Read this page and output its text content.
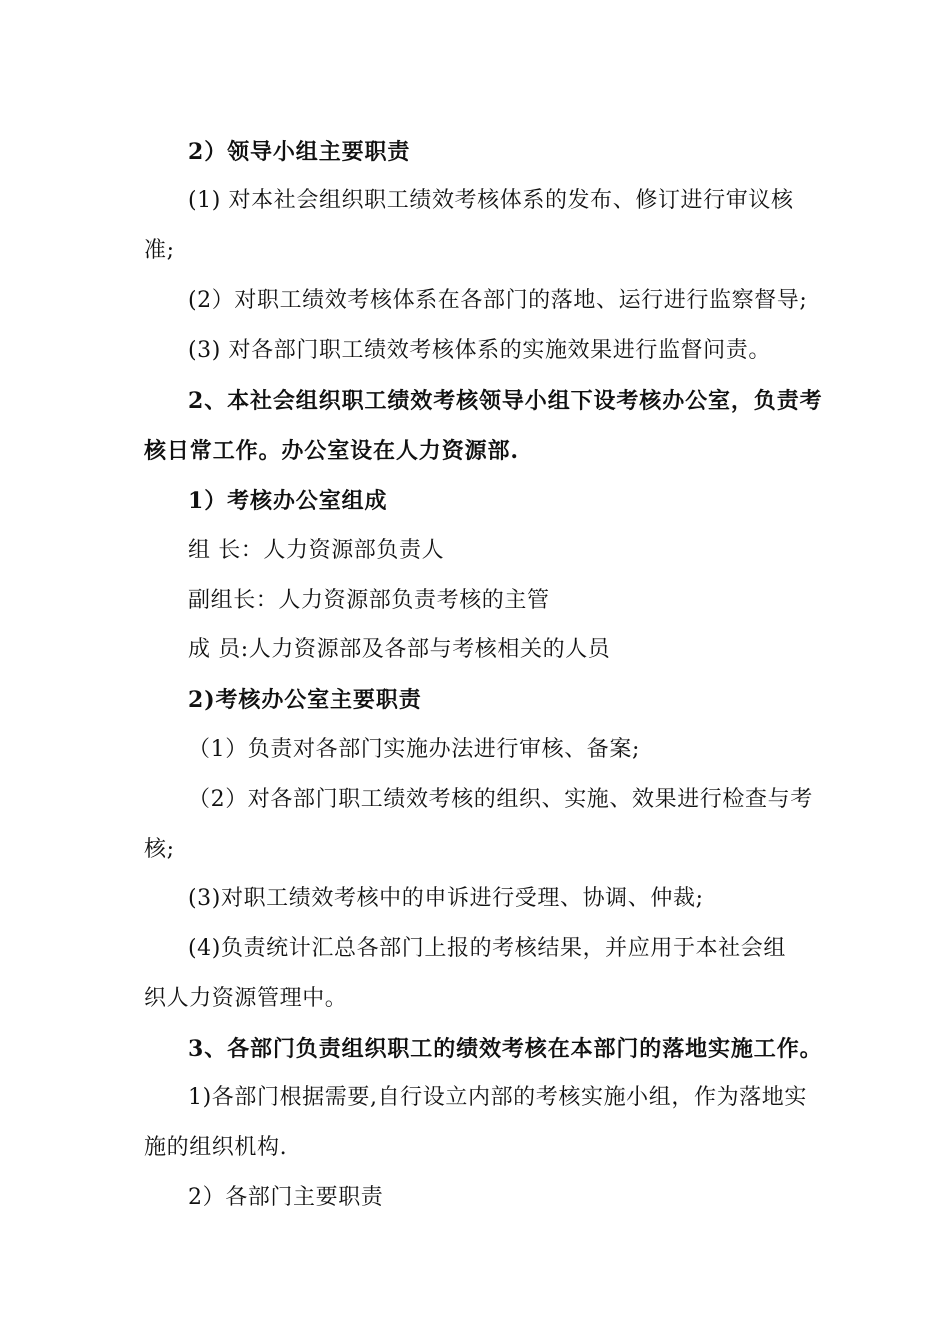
2）领导小组主要职责
(1) 对本社会组织职工绩效考核体系的发布、修订进行审议核
准;
(2）对职工绩效考核体系在各部门的落地、运行进行监察督导;
(3) 对各部门职工绩效考核体系的实施效果进行监督问责。
2、本社会组织职工绩效考核领导小组下设考核办公室，负责考
核日常工作。办公室设在人力资源部.
1）考核办公室组成
组 长：人力资源部负责人
副组长：人力资源部负责考核的主管
成 员:人力资源部及各部与考核相关的人员
2)考核办公室主要职责
（1）负责对各部门实施办法进行审核、备案;
（2）对各部门职工绩效考核的组织、实施、效果进行检查与考
核;
(3)对职工绩效考核中的申诉进行受理、协调、仲裁;
(4)负责统计汇总各部门上报的考核结果，并应用于本社会组
织人力资源管理中。
3、各部门负责组织职工的绩效考核在本部门的落地实施工作。
1)各部门根据需要,自行设立内部的考核实施小组，作为落地实
施的组织机构.
2）各部门主要职责
